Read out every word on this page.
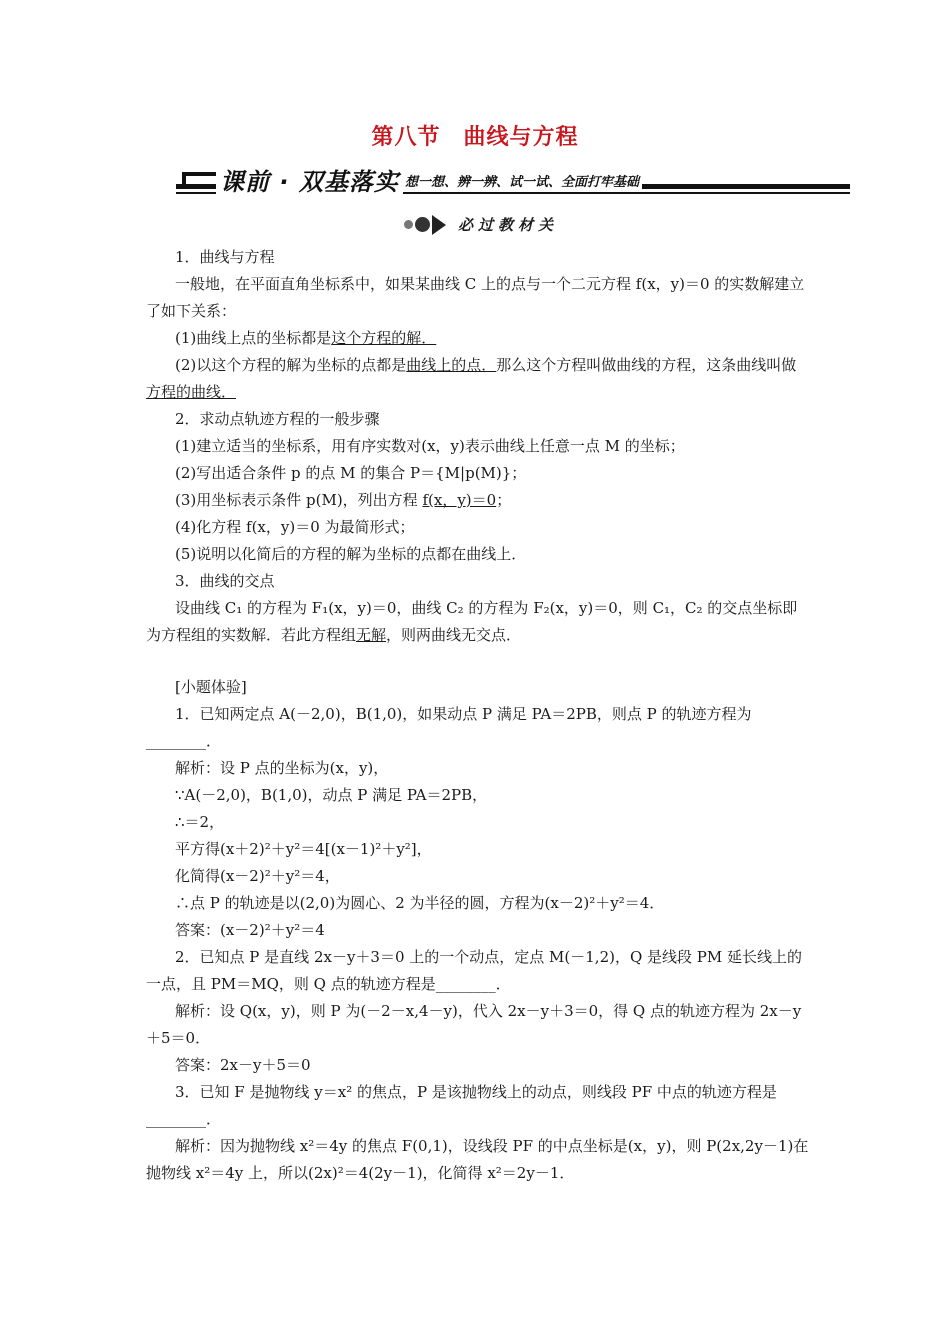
第八节　曲线与方程
课前 · 双基落实 想一想、辨一辨、试一试、全面打牢基础
必过教材关

1．曲线与方程

一般地，在平面直角坐标系中，如果某曲线 C 上的点与一个二元方程 f(x，y)＝0 的实数解建立了如下关系：

(1)曲线上点的坐标都是这个方程的解．

(2)以这个方程的解为坐标的点都是曲线上的点．那么这个方程叫做曲线的方程，这条曲线叫做方程的曲线．

2．求动点轨迹方程的一般步骤

(1)建立适当的坐标系，用有序实数对(x，y)表示曲线上任意一点 M 的坐标；

(2)写出适合条件 p 的点 M 的集合 P＝{M|p(M)}；

(3)用坐标表示条件 p(M)，列出方程 f(x，y)＝0；

(4)化方程 f(x，y)＝0 为最简形式；

(5)说明以化简后的方程的解为坐标的点都在曲线上．

3．曲线的交点

设曲线 C₁ 的方程为 F₁(x，y)＝0，曲线 C₂ 的方程为 F₂(x，y)＝0，则 C₁，C₂ 的交点坐标即为方程组的实数解．若此方程组无解，则两曲线无交点．

[小题体验]

1．已知两定点 A(－2,0)，B(1,0)，如果动点 P 满足 PA＝2PB，则点 P 的轨迹方程为________．

解析：设 P 点的坐标为(x，y)，

∵A(－2,0)，B(1,0)，动点 P 满足 PA＝2PB，

∴＝2，

平方得(x＋2)²＋y²＝4[(x－1)²＋y²]，

化简得(x－2)²＋y²＝4，

∴点 P 的轨迹是以(2,0)为圆心、2 为半径的圆，方程为(x－2)²＋y²＝4．

答案：(x－2)²＋y²＝4

2．已知点 P 是直线 2x－y＋3＝0 上的一个动点，定点 M(－1,2)，Q 是线段 PM 延长线上的一点，且 PM＝MQ，则 Q 点的轨迹方程是________．

解析：设 Q(x，y)，则 P 为(－2－x,4－y)，代入 2x－y＋3＝0，得 Q 点的轨迹方程为 2x－y＋5＝0．

答案：2x－y＋5＝0

3．已知 F 是抛物线 y＝x² 的焦点，P 是该抛物线上的动点，则线段 PF 中点的轨迹方程是________．

解析：因为抛物线 x²＝4y 的焦点 F(0,1)，设线段 PF 的中点坐标是(x，y)，则 P(2x,2y－1)在抛物线 x²＝4y 上，所以(2x)²＝4(2y－1)，化简得 x²＝2y－1．
